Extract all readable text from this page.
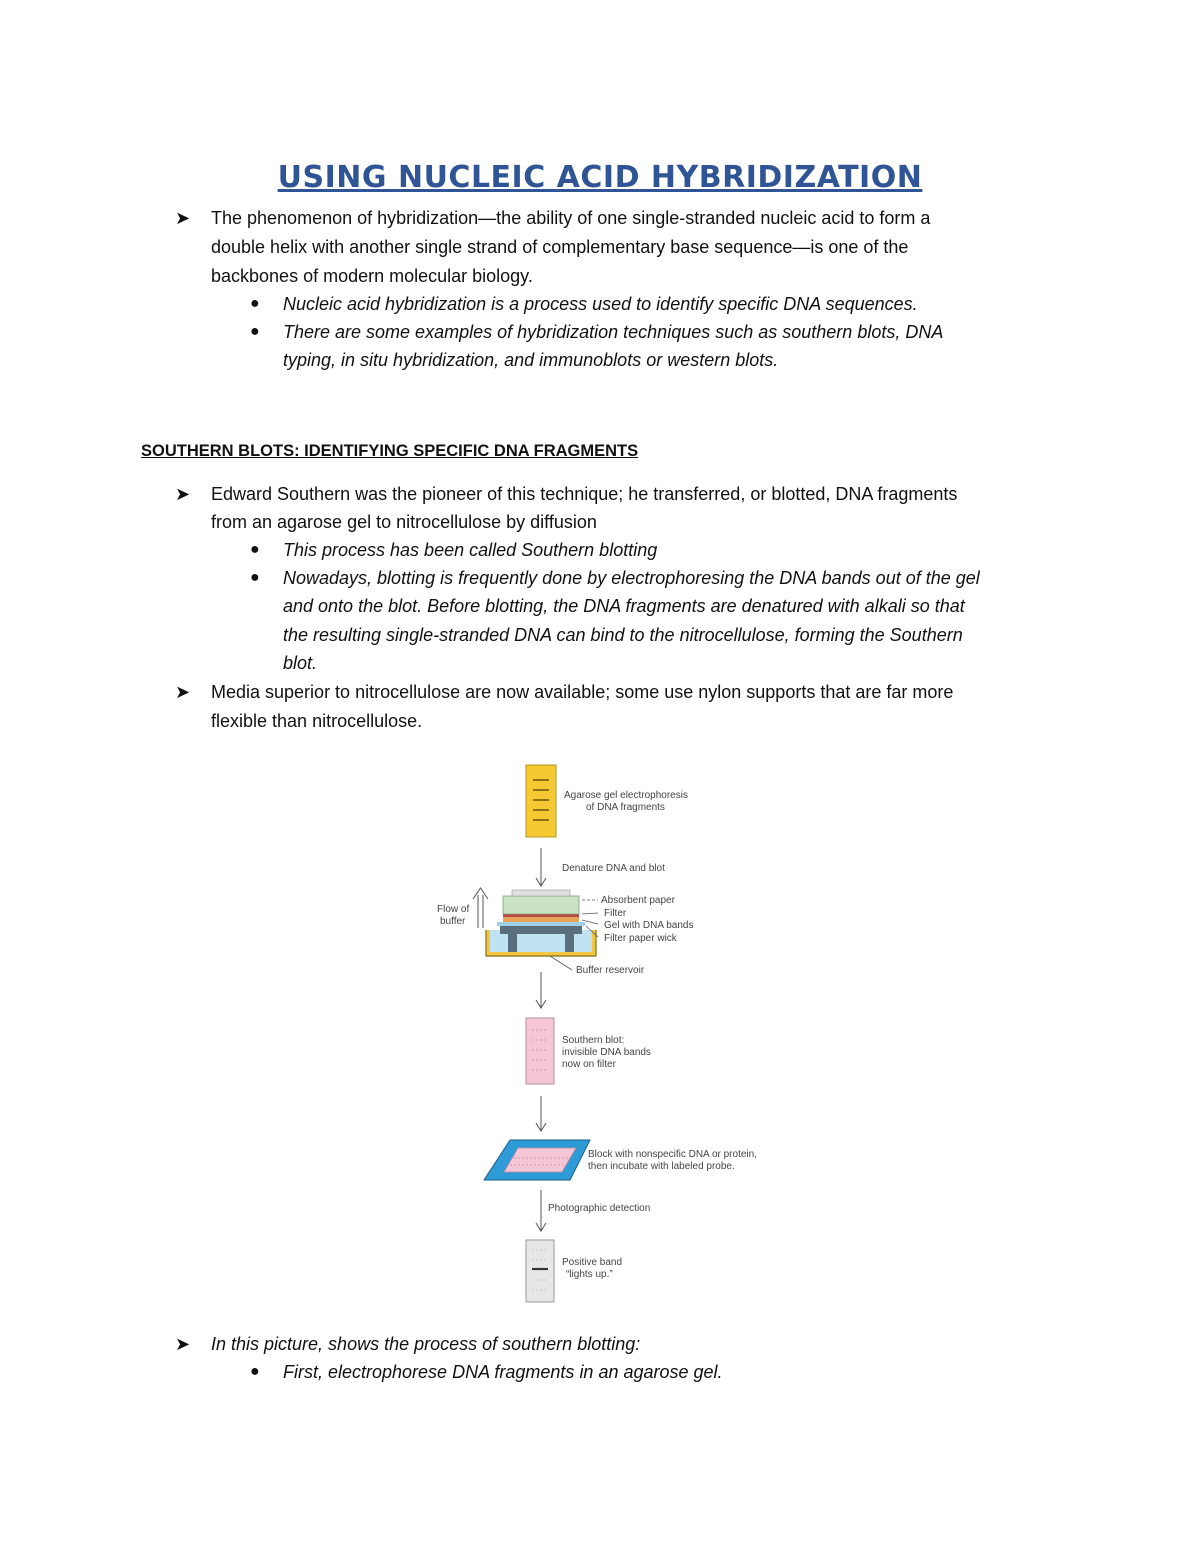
USING NUCLEIC ACID HYBRIDIZATION
➤ The phenomenon of hybridization—the ability of one single-stranded nucleic acid to form a
double helix with another single strand of complementary base sequence—is one of the
backbones of modern molecular biology.
● Nucleic acid hybridization is a process used to identify specific DNA sequences.
● There are some examples of hybridization techniques such as southern blots, DNA
typing, in situ hybridization, and immunoblots or western blots.
SOUTHERN BLOTS: IDENTIFYING SPECIFIC DNA FRAGMENTS
➤ Edward Southern was the pioneer of this technique; he transferred, or blotted, DNA fragments
from an agarose gel to nitrocellulose by diffusion
● This process has been called Southern blotting
● Nowadays, blotting is frequently done by electrophoresing the DNA bands out of the gel
and onto the blot. Before blotting, the DNA fragments are denatured with alkali so that
the resulting single-stranded DNA can bind to the nitrocellulose, forming the Southern
blot.
➤ Media superior to nitrocellulose are now available; some use nylon supports that are far more
flexible than nitrocellulose.
Agarose gel electrophoresis
of DNA fragments
Denature DNA and blot
Flow of
buffer
Absorbent paper
Filter
Gel with DNA bands
Filter paper wick
Buffer reservoir
Southern blot:
invisible DNA bands
now on filter
Block with nonspecific DNA or protein,
then incubate with labeled probe.
Photographic detection
Positive band
“lights up.”
➤ In this picture, shows the process of southern blotting:
● First, electrophorese DNA fragments in an agarose gel.
